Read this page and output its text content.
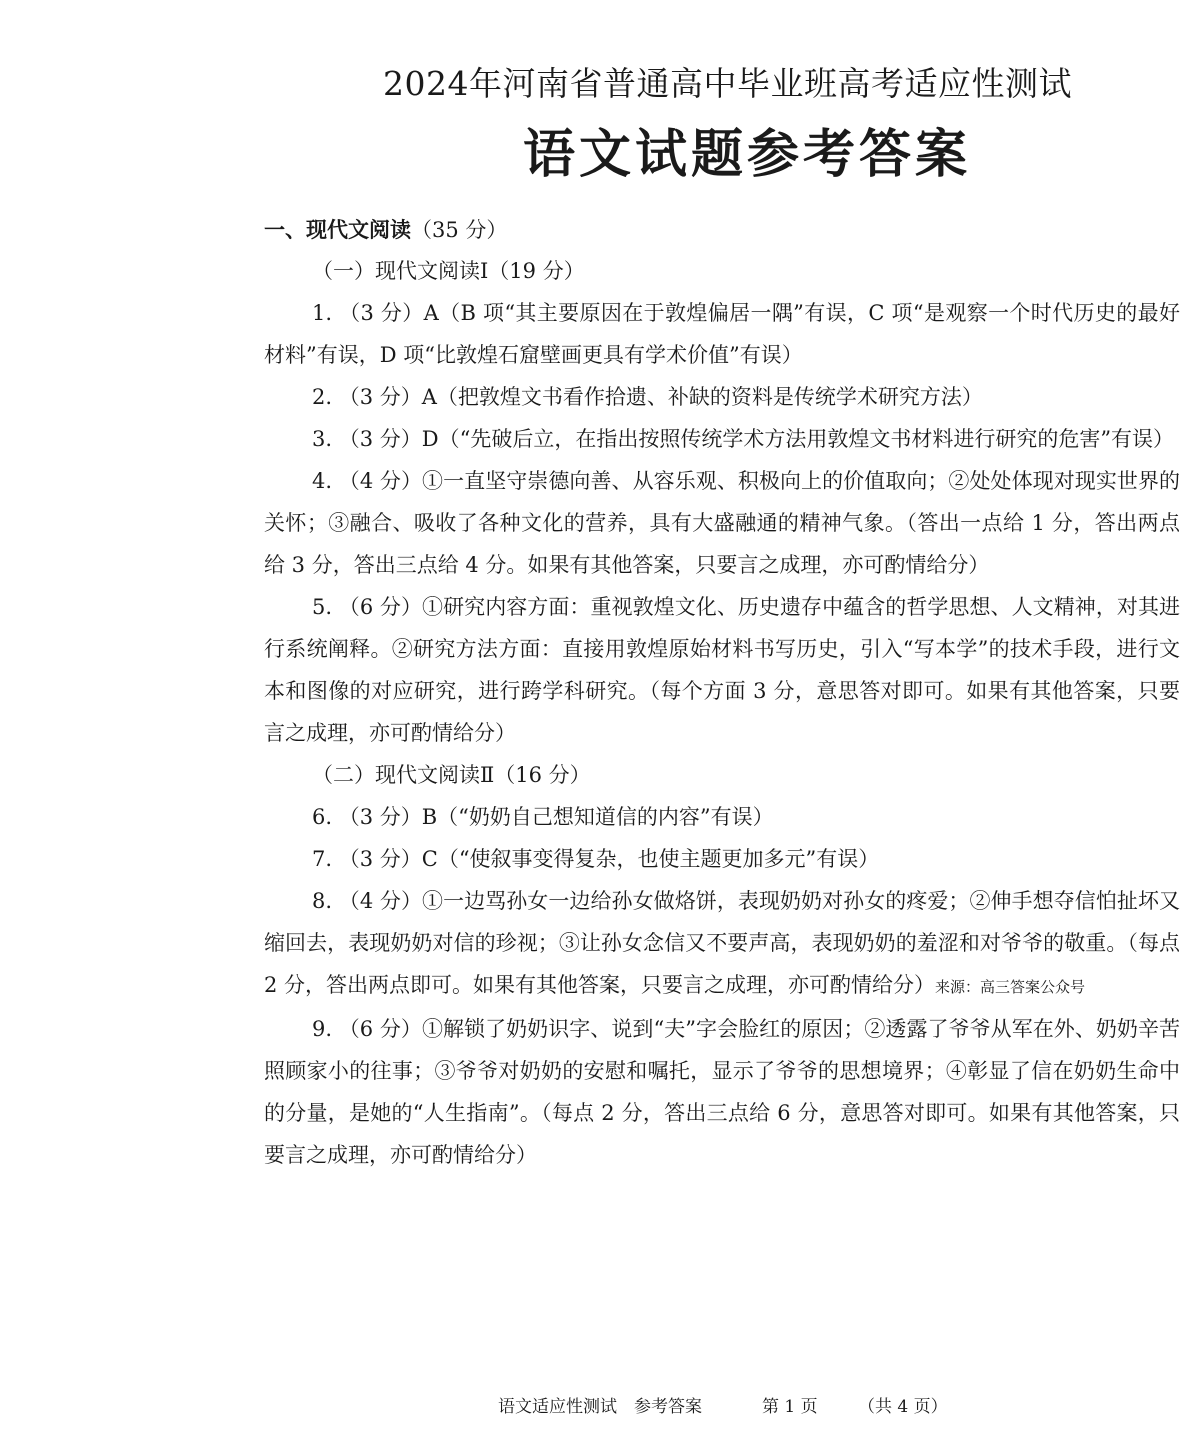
2024年河南省普通高中毕业班高考适应性测试
语文试题参考答案
一、现代文阅读（35 分）
（一）现代文阅读Ⅰ（19 分）

1. （3 分）A（B 项“其主要原因在于敦煌偏居一隅”有误，C 项“是观察一个时代历史的最好材料”有误，D 项“比敦煌石窟壁画更具有学术价值”有误）

2. （3 分）A（把敦煌文书看作拾遗、补缺的资料是传统学术研究方法）

3. （3 分）D（“先破后立，在指出按照传统学术方法用敦煌文书材料进行研究的危害”有误）

4. （4 分）①一直坚守崇德向善、从容乐观、积极向上的价值取向；②处处体现对现实世界的关怀；③融合、吸收了各种文化的营养，具有大盛融通的精神气象。（答出一点给 1 分，答出两点给 3 分，答出三点给 4 分。如果有其他答案，只要言之成理，亦可酌情给分）

5. （6 分）①研究内容方面：重视敦煌文化、历史遗存中蕴含的哲学思想、人文精神，对其进行系统阐释。②研究方法方面：直接用敦煌原始材料书写历史，引入“写本学”的技术手段，进行文本和图像的对应研究，进行跨学科研究。（每个方面 3 分，意思答对即可。如果有其他答案，只要言之成理，亦可酌情给分）

（二）现代文阅读Ⅱ（16 分）

6. （3 分）B（“奶奶自己想知道信的内容”有误）

7. （3 分）C（“使叙事变得复杂，也使主题更加多元”有误）

8. （4 分）①一边骂孙女一边给孙女做烙饼，表现奶奶对孙女的疼爱；②伸手想夺信怕扯坏又缩回去，表现奶奶对信的珍视；③让孙女念信又不要声高，表现奶奶的羞涩和对爷爷的敬重。（每点 2 分，答出两点即可。如果有其他答案，只要言之成理，亦可酌情给分）来源：高三答案公众号

9. （6 分）①解锁了奶奶识字、说到“夫”字会脸红的原因；②透露了爷爷从军在外、奶奶辛苦照顾家小的往事；③爷爷对奶奶的安慰和嘱托，显示了爷爷的思想境界；④彰显了信在奶奶生命中的分量，是她的“人生指南”。（每点 2 分，答出三点给 6 分，意思答对即可。如果有其他答案，只要言之成理，亦可酌情给分）

语文适应性测试　参考答案	第 1 页 （共 4 页）
